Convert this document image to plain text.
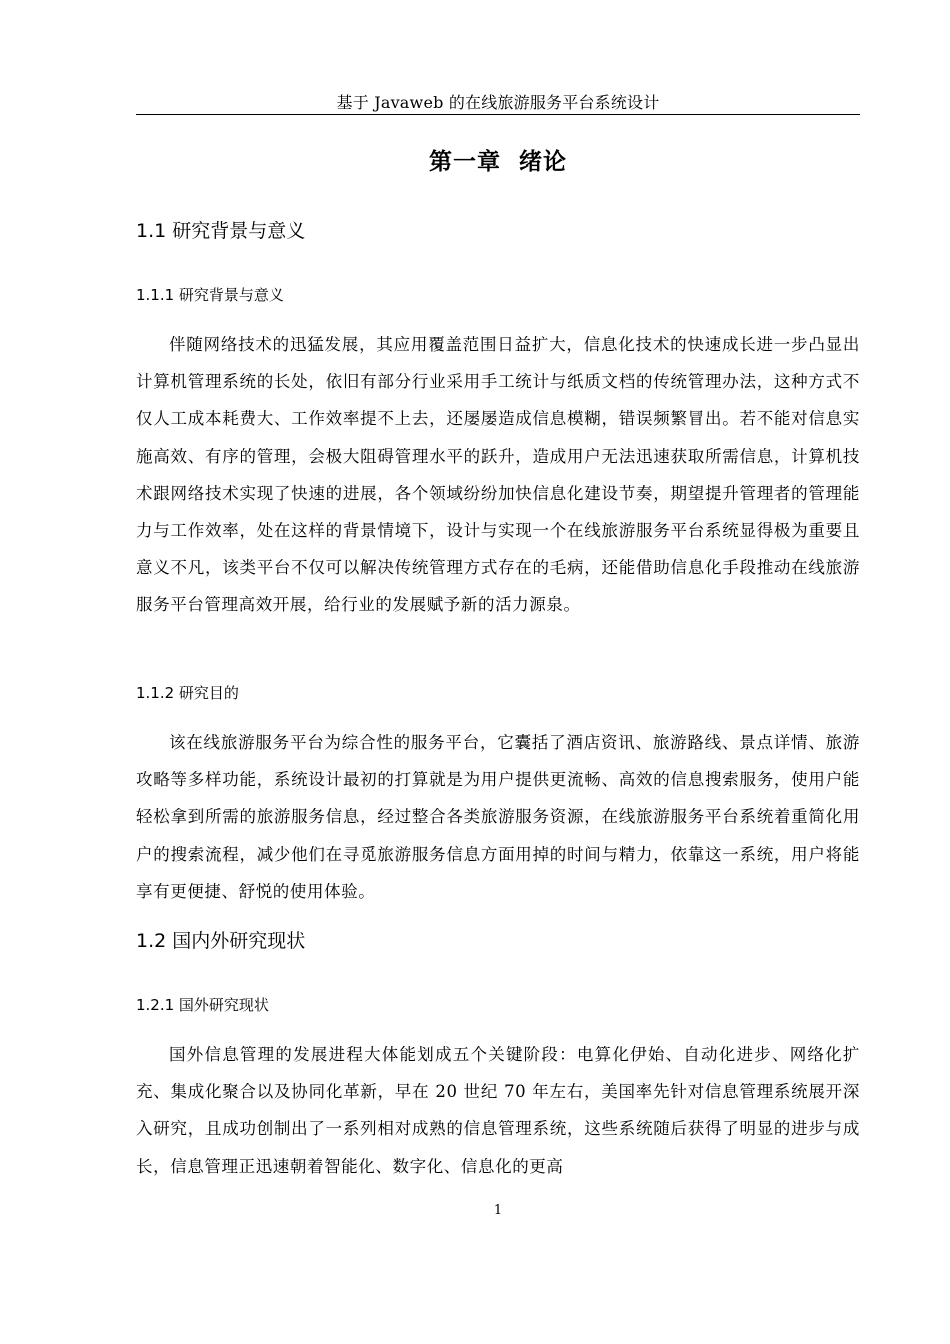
基于 Javaweb 的在线旅游服务平台系统设计
第一章  绪论
1.1 研究背景与意义
1.1.1 研究背景与意义

伴随网络技术的迅猛发展，其应用覆盖范围日益扩大，信息化技术的快速成长进一步凸显出计算机管理系统的长处，依旧有部分行业采用手工统计与纸质文档的传统管理办法，这种方式不仅人工成本耗费大、工作效率提不上去，还屡屡造成信息模糊，错误频繁冒出。若不能对信息实施高效、有序的管理，会极大阻碍管理水平的跃升，造成用户无法迅速获取所需信息，计算机技术跟网络技术实现了快速的进展，各个领域纷纷加快信息化建设节奏，期望提升管理者的管理能力与工作效率，处在这样的背景情境下，设计与实现一个在线旅游服务平台系统显得极为重要且意义不凡，该类平台不仅可以解决传统管理方式存在的毛病，还能借助信息化手段推动在线旅游服务平台管理高效开展，给行业的发展赋予新的活力源泉。

1.1.2 研究目的

该在线旅游服务平台为综合性的服务平台，它囊括了酒店资讯、旅游路线、景点详情、旅游攻略等多样功能，系统设计最初的打算就是为用户提供更流畅、高效的信息搜索服务，使用户能轻松拿到所需的旅游服务信息，经过整合各类旅游服务资源，在线旅游服务平台系统着重简化用户的搜索流程，减少他们在寻觅旅游服务信息方面用掉的时间与精力，依靠这一系统，用户将能享有更便捷、舒悦的使用体验。

1.2 国内外研究现状
1.2.1 国外研究现状

国外信息管理的发展进程大体能划成五个关键阶段：电算化伊始、自动化进步、网络化扩充、集成化聚合以及协同化革新，早在 20 世纪 70 年左右，美国率先针对信息管理系统展开深入研究，且成功创制出了一系列相对成熟的信息管理系统，这些系统随后获得了明显的进步与成长，信息管理正迅速朝着智能化、数字化、信息化的更高

1
